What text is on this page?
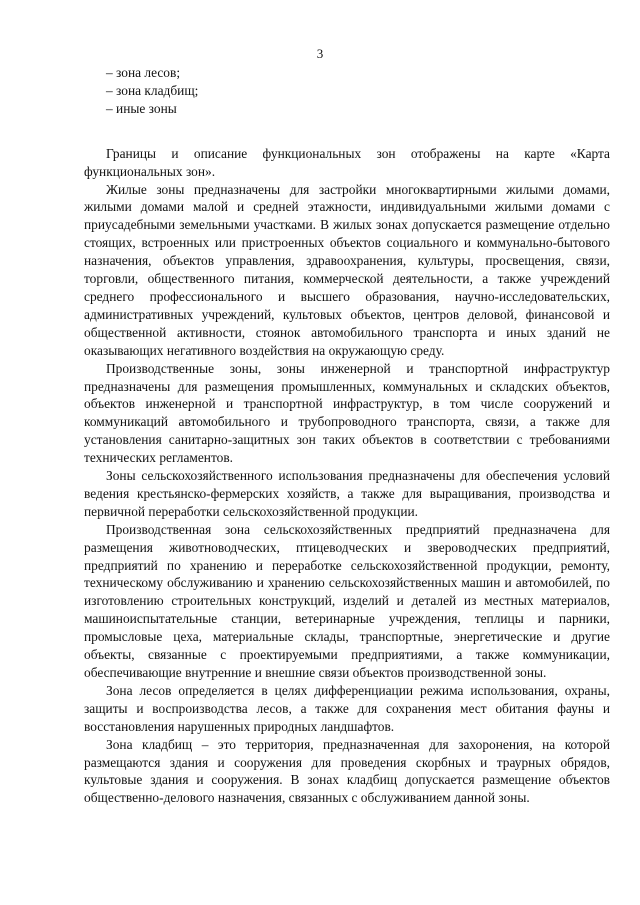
3
– зона лесов;
– зона кладбищ;
– иные зоны

Границы и описание функциональных зон отображены на карте «Карта функциональных зон».

Жилые зоны предназначены для застройки многоквартирными жилыми домами, жилыми домами малой и средней этажности, индивидуальными жилыми домами с приусадебными земельными участками. В жилых зонах допускается размещение отдельно стоящих, встроенных или пристроенных объектов социального и коммунально-бытового назначения, объектов управления, здравоохранения, культуры, просвещения, связи, торговли, общественного питания, коммерческой деятельности, а также учреждений среднего профессионального и высшего образования, научно-исследовательских, административных учреждений, культовых объектов, центров деловой, финансовой и общественной активности, стоянок автомобильного транспорта и иных зданий не оказывающих негативного воздействия на окружающую среду.

Производственные зоны, зоны инженерной и транспортной инфраструктур предназначены для размещения промышленных, коммунальных и складских объектов, объектов инженерной и транспортной инфраструктур, в том числе сооружений и коммуникаций автомобильного и трубопроводного транспорта, связи, а также для установления санитарно-защитных зон таких объектов в соответствии с требованиями технических регламентов.

Зоны сельскохозяйственного использования предназначены для обеспечения условий ведения крестьянско-фермерских хозяйств, а также для выращивания, производства и первичной переработки сельскохозяйственной продукции.

Производственная зона сельскохозяйственных предприятий предназначена для размещения животноводческих, птицеводческих и звероводческих предприятий, предприятий по хранению и переработке сельскохозяйственной продукции, ремонту, техническому обслуживанию и хранению сельскохозяйственных машин и автомобилей, по изготовлению строительных конструкций, изделий и деталей из местных материалов, машиноиспытательные станции, ветеринарные учреждения, теплицы и парники, промысловые цеха, материальные склады, транспортные, энергетические и другие объекты, связанные с проектируемыми предприятиями, а также коммуникации, обеспечивающие внутренние и внешние связи объектов производственной зоны.

Зона лесов определяется в целях дифференциации режима использования, охраны, защиты и воспроизводства лесов, а также для сохранения мест обитания фауны и восстановления нарушенных природных ландшафтов.

Зона кладбищ – это территория, предназначенная для захоронения, на которой размещаются здания и сооружения для проведения скорбных и траурных обрядов, культовые здания и сооружения. В зонах кладбищ допускается размещение объектов общественно-делового назначения, связанных с обслуживанием данной зоны.
